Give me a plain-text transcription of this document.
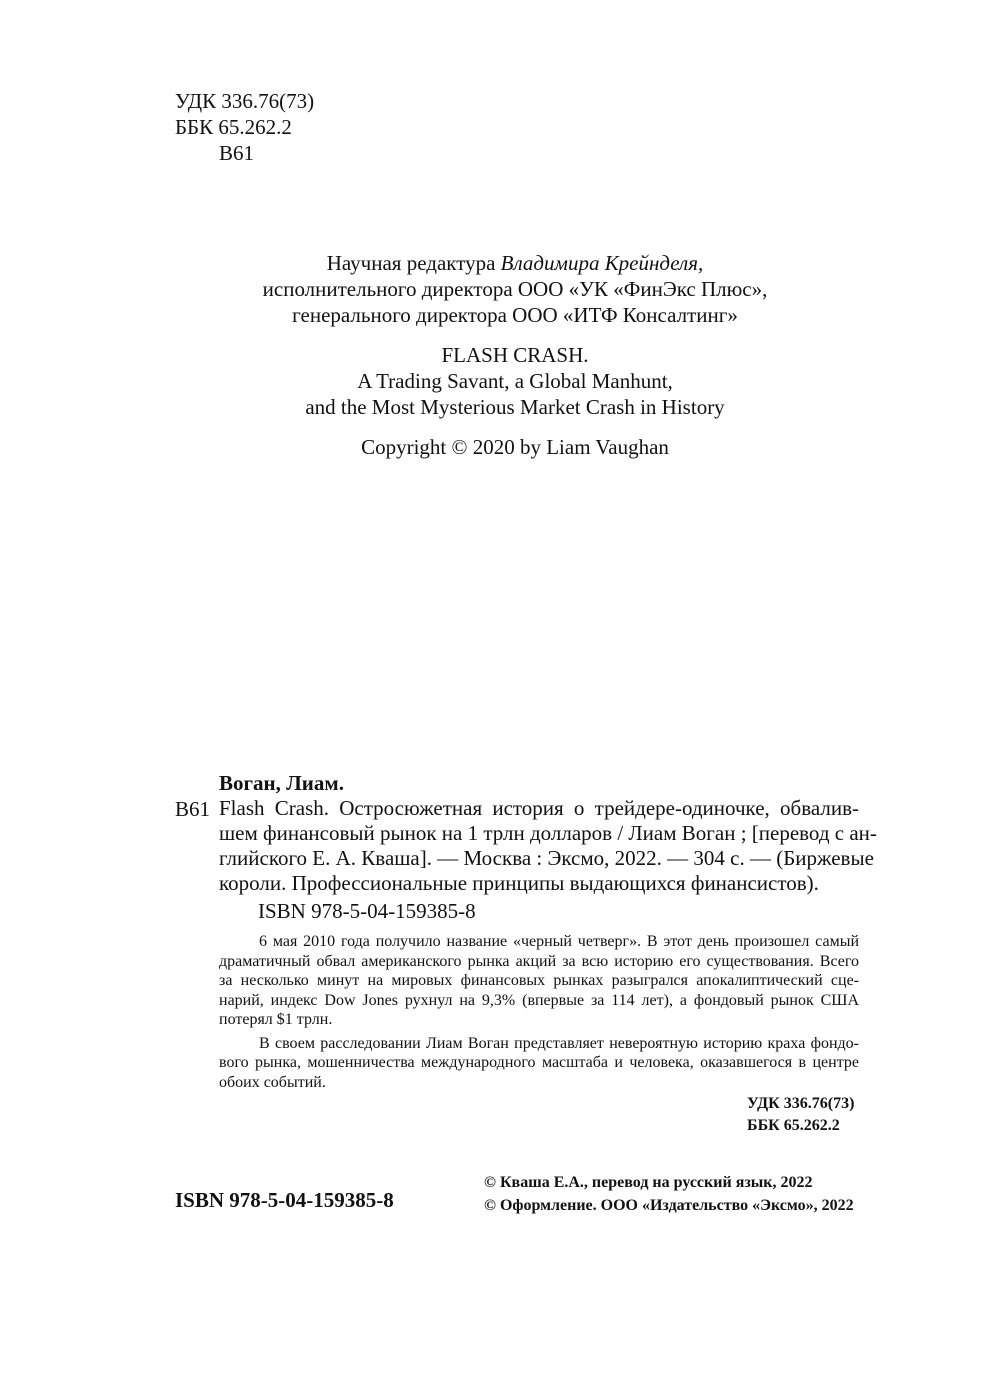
УДК 336.76(73)
ББК 65.262.2
В61
Научная редактура Владимира Крейнделя,
исполнительного директора ООО «УК «ФинЭкс Плюс»,
генерального директора ООО «ИТФ Консалтинг»
FLASH CRASH.
A Trading Savant, a Global Manhunt,
and the Most Mysterious Market Crash in History
Copyright © 2020 by Liam Vaughan
Воган, Лиам.
В61 Flash Crash. Остросюжетная история о трейдере-одиночке, обвалив-
шем финансовый рынок на 1 трлн долларов / Лиам Воган ; [перевод с ан-
глийского Е. А. Кваша]. — Москва : Эксмо, 2022. — 304 с. — (Биржевые
короли. Профессиональные принципы выдающихся финансистов).
ISBN 978-5-04-159385-8
6 мая 2010 года получило название «черный четверг». В этот день произошел самый
драматичный обвал американского рынка акций за всю историю его существования. Всего
за несколько минут на мировых финансовых рынках разыгрался апокалиптический сце-
нарий, индекс Dow Jones рухнул на 9,3% (впервые за 114 лет), а фондовый рынок США
потерял $1 трлн.
В своем расследовании Лиам Воган представляет невероятную историю краха фондо-
вого рынка, мошенничества международного масштаба и человека, оказавшегося в центре
обоих событий.
УДК 336.76(73)
ББК 65.262.2
ISBN 978-5-04-159385-8
© Кваша Е.А., перевод на русский язык, 2022
© Оформление. ООО «Издательство «Эксмо», 2022
